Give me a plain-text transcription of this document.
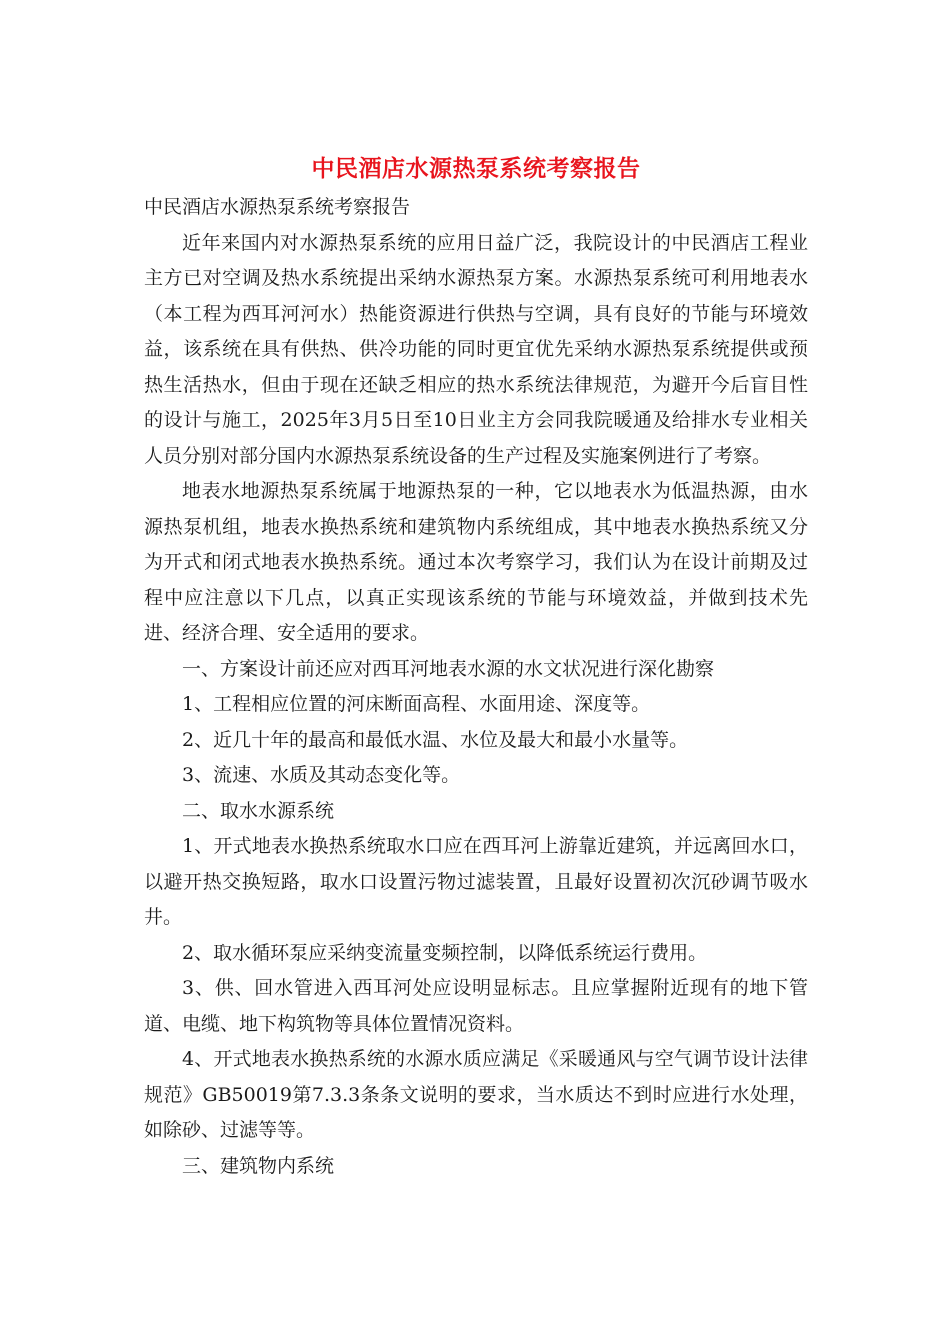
中民酒店水源热泵系统考察报告
中民酒店水源热泵系统考察报告

近年来国内对水源热泵系统的应用日益广泛，我院设计的中民酒店工程业主方已对空调及热水系统提出采纳水源热泵方案。水源热泵系统可利用地表水（本工程为西耳河河水）热能资源进行供热与空调，具有良好的节能与环境效益，该系统在具有供热、供冷功能的同时更宜优先采纳水源热泵系统提供或预热生活热水，但由于现在还缺乏相应的热水系统法律规范，为避开今后盲目性的设计与施工，2025年3月5日至10日业主方会同我院暖通及给排水专业相关人员分别对部分国内水源热泵系统设备的生产过程及实施案例进行了考察。

地表水地源热泵系统属于地源热泵的一种，它以地表水为低温热源，由水源热泵机组，地表水换热系统和建筑物内系统组成，其中地表水换热系统又分为开式和闭式地表水换热系统。通过本次考察学习，我们认为在设计前期及过程中应注意以下几点，以真正实现该系统的节能与环境效益，并做到技术先进、经济合理、安全适用的要求。

一、方案设计前还应对西耳河地表水源的水文状况进行深化勘察

1、工程相应位置的河床断面高程、水面用途、深度等。

2、近几十年的最高和最低水温、水位及最大和最小水量等。

3、流速、水质及其动态变化等。

二、取水水源系统

1、开式地表水换热系统取水口应在西耳河上游靠近建筑，并远离回水口，以避开热交换短路，取水口设置污物过滤装置，且最好设置初次沉砂调节吸水井。

2、取水循环泵应采纳变流量变频控制，以降低系统运行费用。

3、供、回水管进入西耳河处应设明显标志。且应掌握附近现有的地下管道、电缆、地下构筑物等具体位置情况资料。

4、开式地表水换热系统的水源水质应满足《采暖通风与空气调节设计法律规范》GB50019第7.3.3条条文说明的要求，当水质达不到时应进行水处理，如除砂、过滤等等。

三、建筑物内系统
